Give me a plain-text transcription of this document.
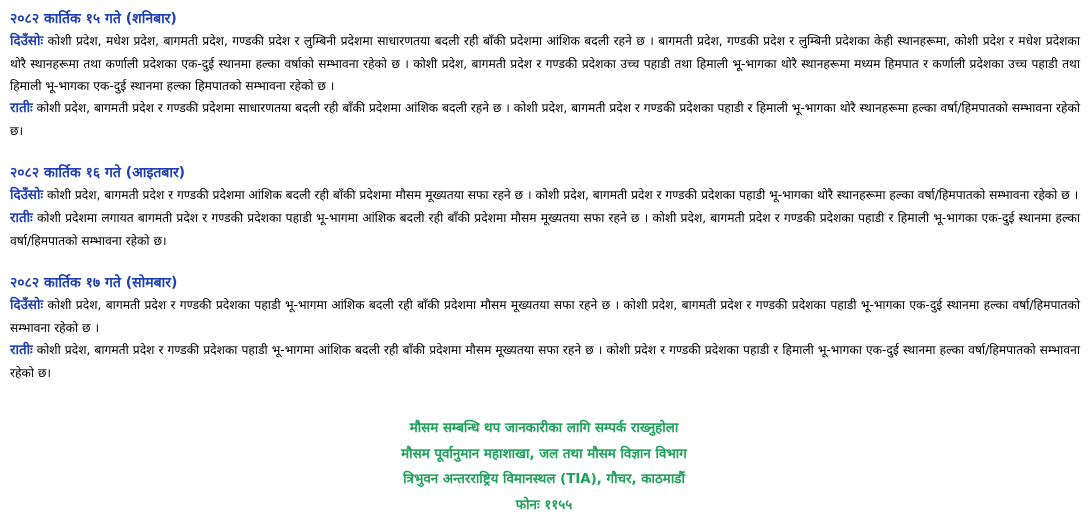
२०८२ कार्तिक १५ गते (शनिबार)

दिउँसोः कोशी प्रदेश, मधेश प्रदेश, बागमती प्रदेश, गण्डकी प्रदेश र लुम्बिनी प्रदेशमा साधारणतया बदली रही बाँकी प्रदेशमा आंशिक बदली रहने छ । बागमती प्रदेश, गण्डकी प्रदेश र लुम्बिनी प्रदेशका केही स्थानहरूमा, कोशी प्रदेश र मधेश प्रदेशका थोरै स्थानहरूमा तथा कर्णाली प्रदेशका एक-दुई स्थानमा हल्का वर्षाको सम्भावना रहेको छ । कोशी प्रदेश, बागमती प्रदेश र गण्डकी प्रदेशका उच्च पहाडी तथा हिमाली भू-भागका थोरै स्थानहरूमा मध्यम हिमपात र कर्णाली प्रदेशका उच्च पहाडी तथा हिमाली भू-भागका एक-दुई स्थानमा हल्का हिमपातको सम्भावना रहेको छ ।

रातीः कोशी प्रदेश, बागमती प्रदेश र गण्डकी प्रदेशमा साधारणतया बदली रही बाँकी प्रदेशमा आंशिक बदली रहने छ । कोशी प्रदेश, बागमती प्रदेश र गण्डकी प्रदेशका पहाडी र हिमाली भू-भागका थोरै स्थानहरूमा हल्का वर्षा/हिमपातको सम्भावना रहेको छ।

२०८२ कार्तिक १६ गते (आइतबार)

दिउँसोः कोशी प्रदेश, बागमती प्रदेश र गण्डकी प्रदेशमा आंशिक बदली रही बाँकी प्रदेशमा मौसम मूख्यतया सफा रहने छ । कोशी प्रदेश, बागमती प्रदेश र गण्डकी प्रदेशका पहाडी भू-भागका थोरै स्थानहरूमा हल्का वर्षा/हिमपातको सम्भावना रहेको छ ।

रातीः कोशी प्रदेशमा लगायत बागमती प्रदेश र गण्डकी प्रदेशका पहाडी भू-भागमा आंशिक बदली रही बाँकी प्रदेशमा मौसम मूख्यतया सफा रहने छ । कोशी प्रदेश, बागमती प्रदेश र गण्डकी प्रदेशका पहाडी र हिमाली भू-भागका एक-दुई स्थानमा हल्का वर्षा/हिमपातको सम्भावना रहेको छ।

२०८२ कार्तिक १७ गते (सोमबार)

दिउँसोः कोशी प्रदेश, बागमती प्रदेश र गण्डकी प्रदेशका पहाडी भू-भागमा आंशिक बदली रही बाँकी प्रदेशमा मौसम मूख्यतया सफा रहने छ । कोशी प्रदेश, बागमती प्रदेश र गण्डकी प्रदेशका पहाडी भू-भागका एक-दुई स्थानमा हल्का वर्षा/हिमपातको सम्भावना रहेको छ ।

रातीः कोशी प्रदेश, बागमती प्रदेश र गण्डकी प्रदेशका पहाडी भू-भागमा आंशिक बदली रही बाँकी प्रदेशमा मौसम मूख्यतया सफा रहने छ । कोशी प्रदेश र गण्डकी प्रदेशका पहाडी र हिमाली भू-भागका एक-दुई स्थानमा हल्का वर्षा/हिमपातको सम्भावना रहेको छ।

मौसम सम्बन्धि थप जानकारीका लागि सम्पर्क राख्नुहोला
मौसम पूर्वानुमान महाशाखा, जल तथा मौसम विज्ञान विभाग
त्रिभुवन अन्तरराष्ट्रिय विमानस्थल (TIA), गौचर, काठमाडौं
फोनः ११५५
